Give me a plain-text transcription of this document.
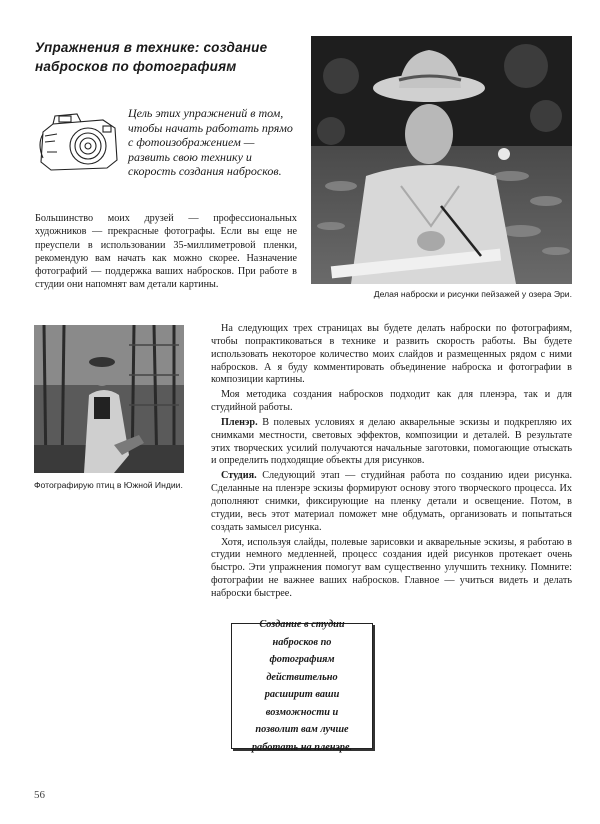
Упражнения в технике: создание набросков по фотографиям

Цель этих упражнений в том, чтобы начать работать прямо с фотоизображением — развить свою технику и скорость создания набросков.

Большинство моих друзей — профессиональных художников — прекрасные фотографы. Если вы еще не преуспели в использовании 35-миллиметровой пленки, рекомендую вам начать как можно скорее. Назначение фотографий — поддержка ваших набросков. При работе в студии они напомнят вам детали картины.

Делая наброски и рисунки пейзажей у озера Эри.
Фотографирую птиц в Южной Индии.

На следующих трех страницах вы будете делать наброски по фотографиям, чтобы попрактиковаться в технике и развить скорость работы. Вы будете использовать некоторое количество моих слайдов и размещенных рядом с ними набросков. А я буду комментировать объединение наброска и фотографии в композиции картины.

Моя методика создания набросков подходит как для пленэра, так и для студийной работы.

Пленэр. В полевых условиях я делаю акварельные эскизы и подкрепляю их снимками местности, световых эффектов, композиции и деталей. В результате этих творческих усилий получаются начальные заготовки, помогающие отыскать и определить подходящие объекты для рисунков.

Студия. Следующий этап — студийная работа по созданию идеи рисунка. Сделанные на пленэре эскизы формируют основу этого творческого процесса. Их дополняют снимки, фиксирующие на пленку детали и освещение. Потом, в студии, весь этот материал поможет мне обдумать, организовать и попытаться создать замысел рисунка.

Хотя, используя слайды, полевые зарисовки и акварельные эскизы, я работаю в студии немного медленней, процесс создания идей рисунков протекает очень быстро. Эти упражнения помогут вам существенно улучшить технику. Помните: фотографии не важнее ваших набросков. Главное — учиться видеть и делать наброски быстрее.

Создание в студии набросков по фотографиям действительно расширит ваши возможности и позволит вам лучше работать на пленэре.

56
